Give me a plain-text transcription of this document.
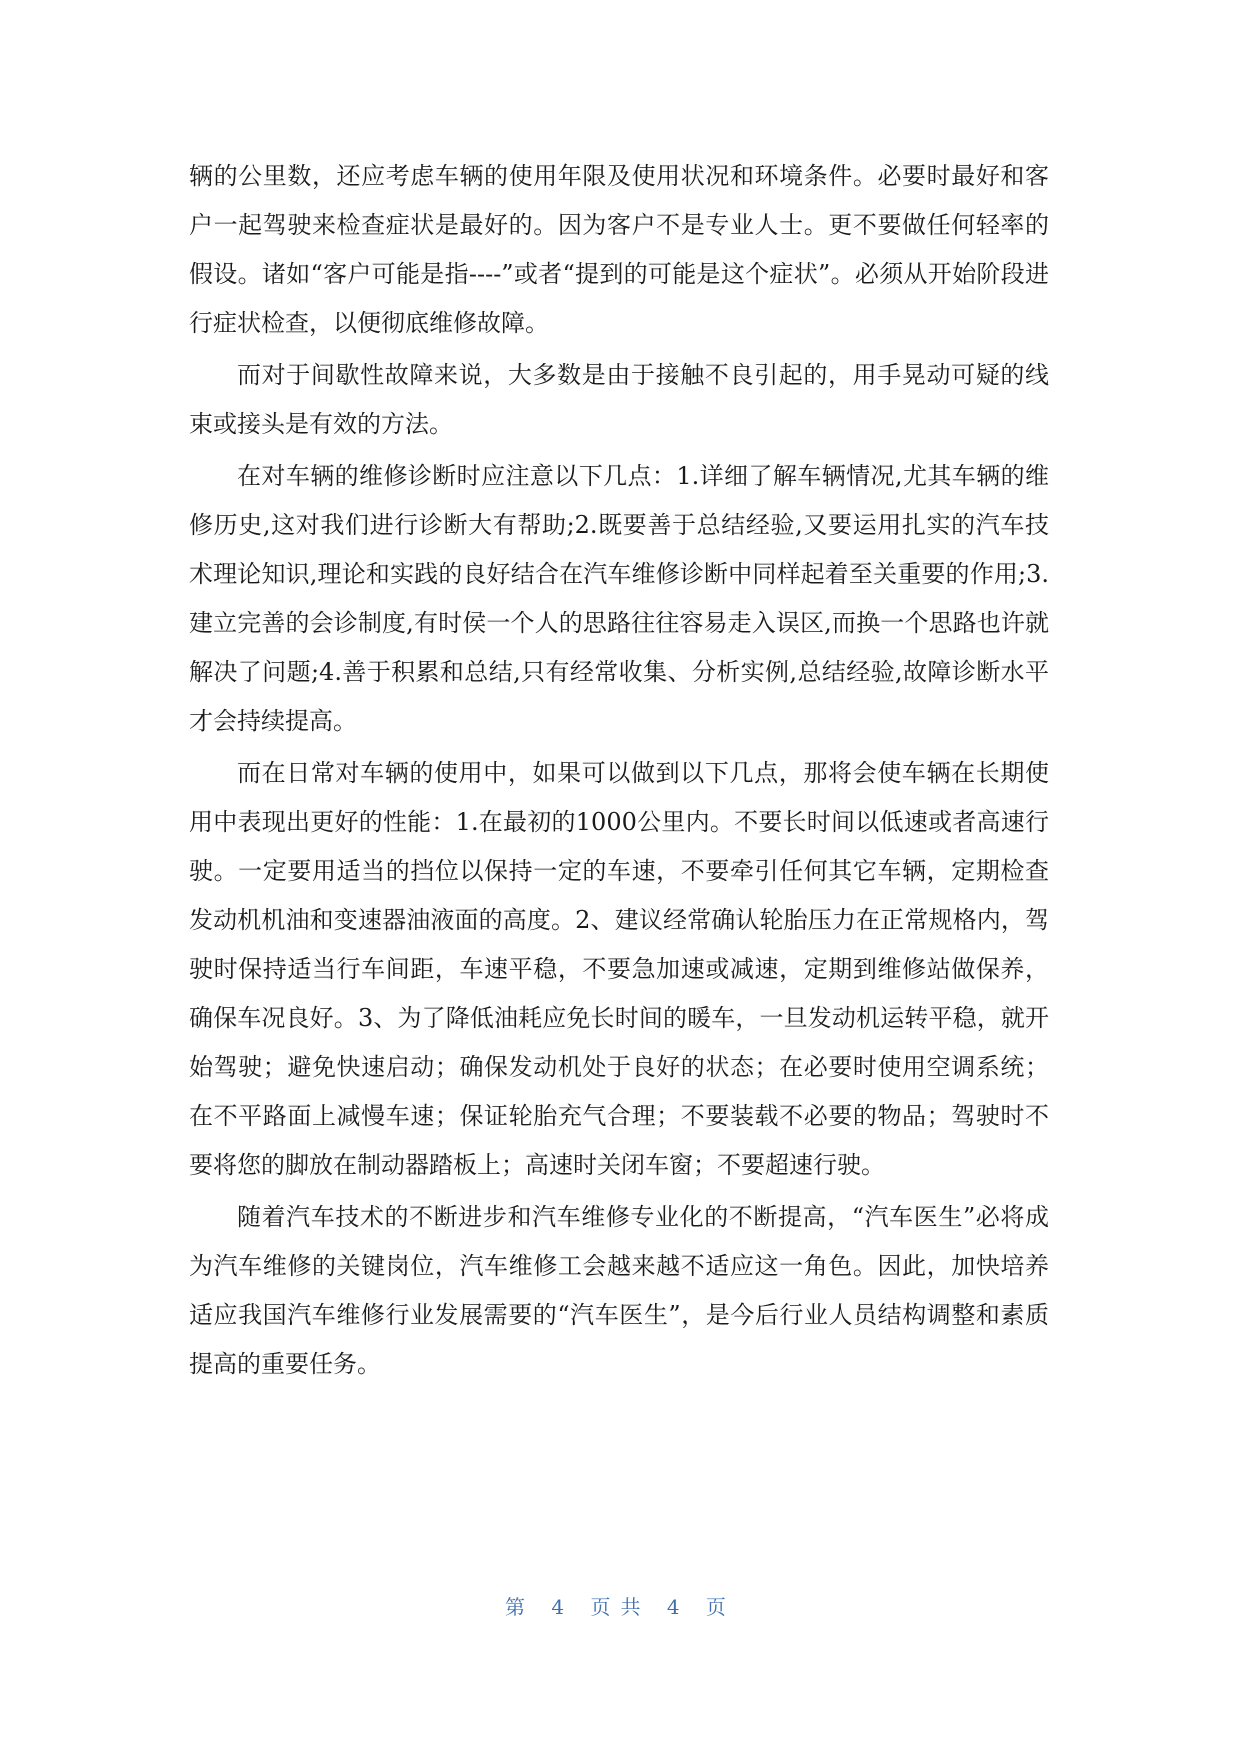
辆的公里数，还应考虑车辆的使用年限及使用状况和环境条件。必要时最好和客户一起驾驶来检查症状是最好的。因为客户不是专业人士。更不要做任何轻率的假设。诸如“客户可能是指----”或者“提到的可能是这个症状”。必须从开始阶段进行症状检查，以便彻底维修故障。

而对于间歇性故障来说，大多数是由于接触不良引起的，用手晃动可疑的线束或接头是有效的方法。

在对车辆的维修诊断时应注意以下几点：1.详细了解车辆情况,尤其车辆的维修历史,这对我们进行诊断大有帮助;2.既要善于总结经验,又要运用扎实的汽车技术理论知识,理论和实践的良好结合在汽车维修诊断中同样起着至关重要的作用;3.建立完善的会诊制度,有时侯一个人的思路往往容易走入误区,而换一个思路也许就解决了问题;4.善于积累和总结,只有经常收集、分析实例,总结经验,故障诊断水平才会持续提高。

而在日常对车辆的使用中，如果可以做到以下几点，那将会使车辆在长期使用中表现出更好的性能：1.在最初的1000公里内。不要长时间以低速或者高速行驶。一定要用适当的挡位以保持一定的车速，不要牵引任何其它车辆，定期检查发动机机油和变速器油液面的高度。2、建议经常确认轮胎压力在正常规格内，驾驶时保持适当行车间距，车速平稳，不要急加速或减速，定期到维修站做保养，确保车况良好。3、为了降低油耗应免长时间的暖车，一旦发动机运转平稳，就开始驾驶；避免快速启动；确保发动机处于良好的状态；在必要时使用空调系统；在不平路面上减慢车速；保证轮胎充气合理；不要装载不必要的物品；驾驶时不要将您的脚放在制动器踏板上；高速时关闭车窗；不要超速行驶。

随着汽车技术的不断进步和汽车维修专业化的不断提高，“汽车医生”必将成为汽车维修的关键岗位，汽车维修工会越来越不适应这一角色。因此，加快培养适应我国汽车维修行业发展需要的“汽车医生”，是今后行业人员结构调整和素质提高的重要任务。

第 4 页共 4 页
